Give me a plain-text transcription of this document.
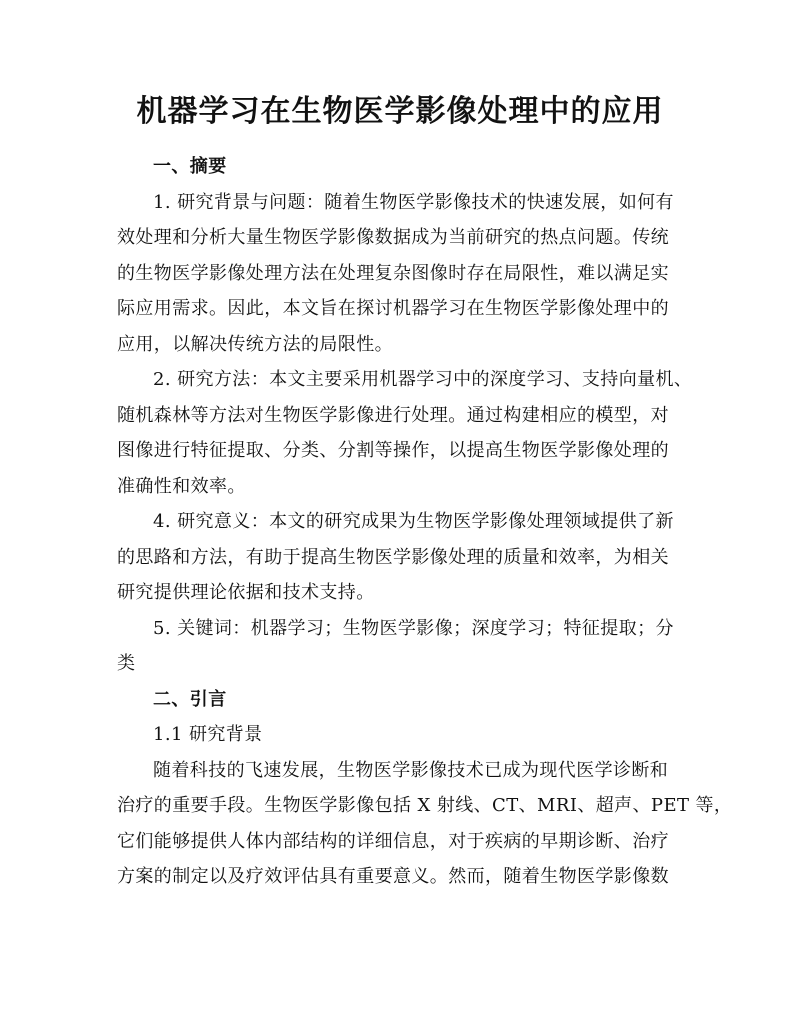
机器学习在生物医学影像处理中的应用
一、摘要
1. 研究背景与问题：随着生物医学影像技术的快速发展，如何有
效处理和分析大量生物医学影像数据成为当前研究的热点问题。传统
的生物医学影像处理方法在处理复杂图像时存在局限性，难以满足实
际应用需求。因此，本文旨在探讨机器学习在生物医学影像处理中的
应用，以解决传统方法的局限性。
2. 研究方法：本文主要采用机器学习中的深度学习、支持向量机、
随机森林等方法对生物医学影像进行处理。通过构建相应的模型，对
图像进行特征提取、分类、分割等操作，以提高生物医学影像处理的
准确性和效率。
4. 研究意义：本文的研究成果为生物医学影像处理领域提供了新
的思路和方法，有助于提高生物医学影像处理的质量和效率，为相关
研究提供理论依据和技术支持。
5. 关键词：机器学习；生物医学影像；深度学习；特征提取；分
类
二、引言
1.1 研究背景
随着科技的飞速发展，生物医学影像技术已成为现代医学诊断和
治疗的重要手段。生物医学影像包括 X 射线、CT、MRI、超声、PET 等，
它们能够提供人体内部结构的详细信息，对于疾病的早期诊断、治疗
方案的制定以及疗效评估具有重要意义。然而，随着生物医学影像数
